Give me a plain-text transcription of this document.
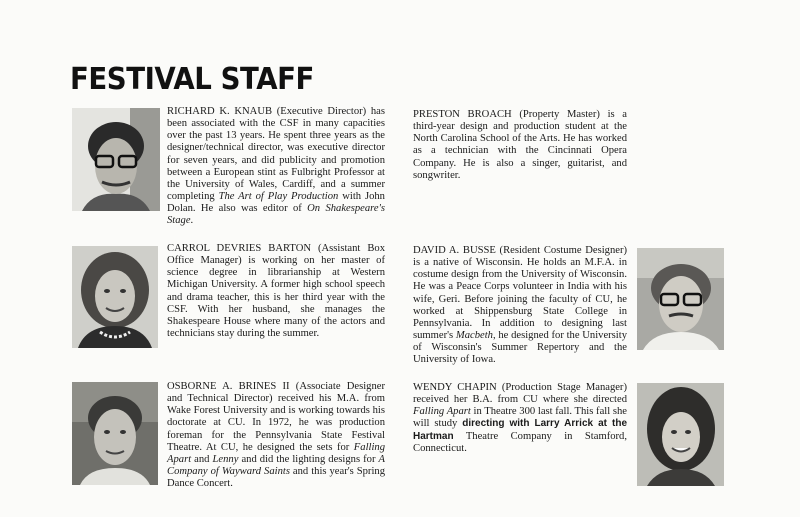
FESTIVAL STAFF
RICHARD K. KNAUB (Executive Director) has been associated with the CSF in many capacities over the past 13 years. He spent three years as the designer/technical director, was executive director for seven years, and did publicity and promotion between a European stint as Fulbright Professor at the University of Wales, Cardiff, and a summer completing The Art of Play Production with John Dolan. He also was editor of On Shakespeare's Stage.
PRESTON BROACH (Property Master) is a third-year design and production student at the North Carolina School of the Arts. He has worked as a technician with the Cincinnati Opera Company. He is also a singer, guitarist, and songwriter.
CARROL DEVRIES BARTON (Assistant Box Office Manager) is working on her master of science degree in librarianship at Western Michigan University. A former high school speech and drama teacher, this is her third year with the CSF. With her husband, she manages the Shakespeare House where many of the actors and technicians stay during the summer.
DAVID A. BUSSE (Resident Costume Designer) is a native of Wisconsin. He holds an M.F.A. in costume design from the University of Wisconsin. He was a Peace Corps volunteer in India with his wife, Geri. Before joining the faculty of CU, he worked at Shippensburg State College in Pennsylvania. In addition to designing last summer's Macbeth, he designed for the University of Wisconsin's Summer Repertory and the University of Iowa.
OSBORNE A. BRINES II (Associate Designer and Technical Director) received his M.A. from Wake Forest University and is working towards his doctorate at CU. In 1972, he was production foreman for the Pennsylvania State Festival Theatre. At CU, he designed the sets for Falling Apart and Lenny and did the lighting designs for A Company of Wayward Saints and this year's Spring Dance Concert.
WENDY CHAPIN (Production Stage Manager) received her B.A. from CU where she directed Falling Apart in Theatre 300 last fall. This fall she will study directing with Larry Arrick at the Hartman Theatre Company in Stamford, Connecticut.
